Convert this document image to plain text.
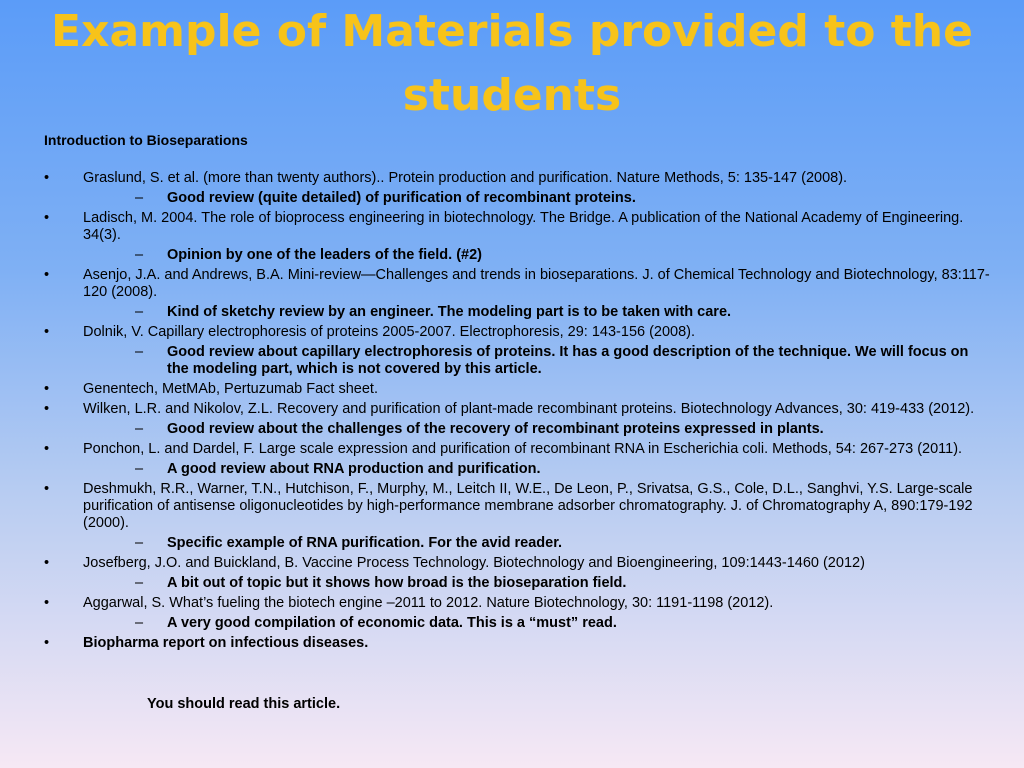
Example of Materials provided to the students

Introduction to Bioseparations

•	Graslund, S. et al. (more than twenty authors).. Protein production and purification. Nature Methods, 5: 135-147 (2008).
– Good review (quite detailed) of purification of recombinant proteins.
•	Ladisch, M. 2004. The role of bioprocess engineering in biotechnology. The Bridge. A publication of the National Academy of Engineering. 34(3).
– Opinion by one of the leaders of the field. (#2)
•	Asenjo, J.A. and Andrews, B.A. Mini-review—Challenges and trends in bioseparations. J. of Chemical Technology and Biotechnology, 83:117-120 (2008).
– Kind of sketchy review by an engineer. The modeling part is to be taken with care.
•	Dolnik, V. Capillary electrophoresis of proteins 2005-2007. Electrophoresis, 29: 143-156 (2008).
– Good review about capillary electrophoresis of proteins. It has a good description of the technique. We will focus on the modeling part, which is not covered by this article.
•	Genentech, MetMAb, Pertuzumab Fact sheet.
•	Wilken, L.R. and Nikolov, Z.L. Recovery and purification of plant-made recombinant proteins. Biotechnology Advances, 30: 419-433 (2012).
– Good review about the challenges of the recovery of recombinant proteins expressed in plants.
•	Ponchon, L. and Dardel, F. Large scale expression and purification of recombinant RNA in Escherichia coli. Methods, 54: 267-273 (2011).
– A good review about RNA production and purification.
•	Deshmukh, R.R., Warner, T.N., Hutchison, F., Murphy, M., Leitch II, W.E., De Leon, P., Srivatsa, G.S., Cole, D.L., Sanghvi, Y.S. Large-scale purification of antisense oligonucleotides by high-performance membrane adsorber chromatography. J. of Chromatography A, 890:179-192 (2000).
– Specific example of RNA purification. For the avid reader.
•	Josefberg, J.O. and Buickland, B. Vaccine Process Technology. Biotechnology and Bioengineering, 109:1443-1460 (2012)
– A bit out of topic but it shows how broad is the bioseparation field.
•	Aggarwal, S. What’s fueling the biotech engine –2011 to 2012. Nature Biotechnology, 30: 1191-1198 (2012).
– A very good compilation of economic data. This is a “must” read.
•	Biopharma report on infectious diseases.
You should read this article.
